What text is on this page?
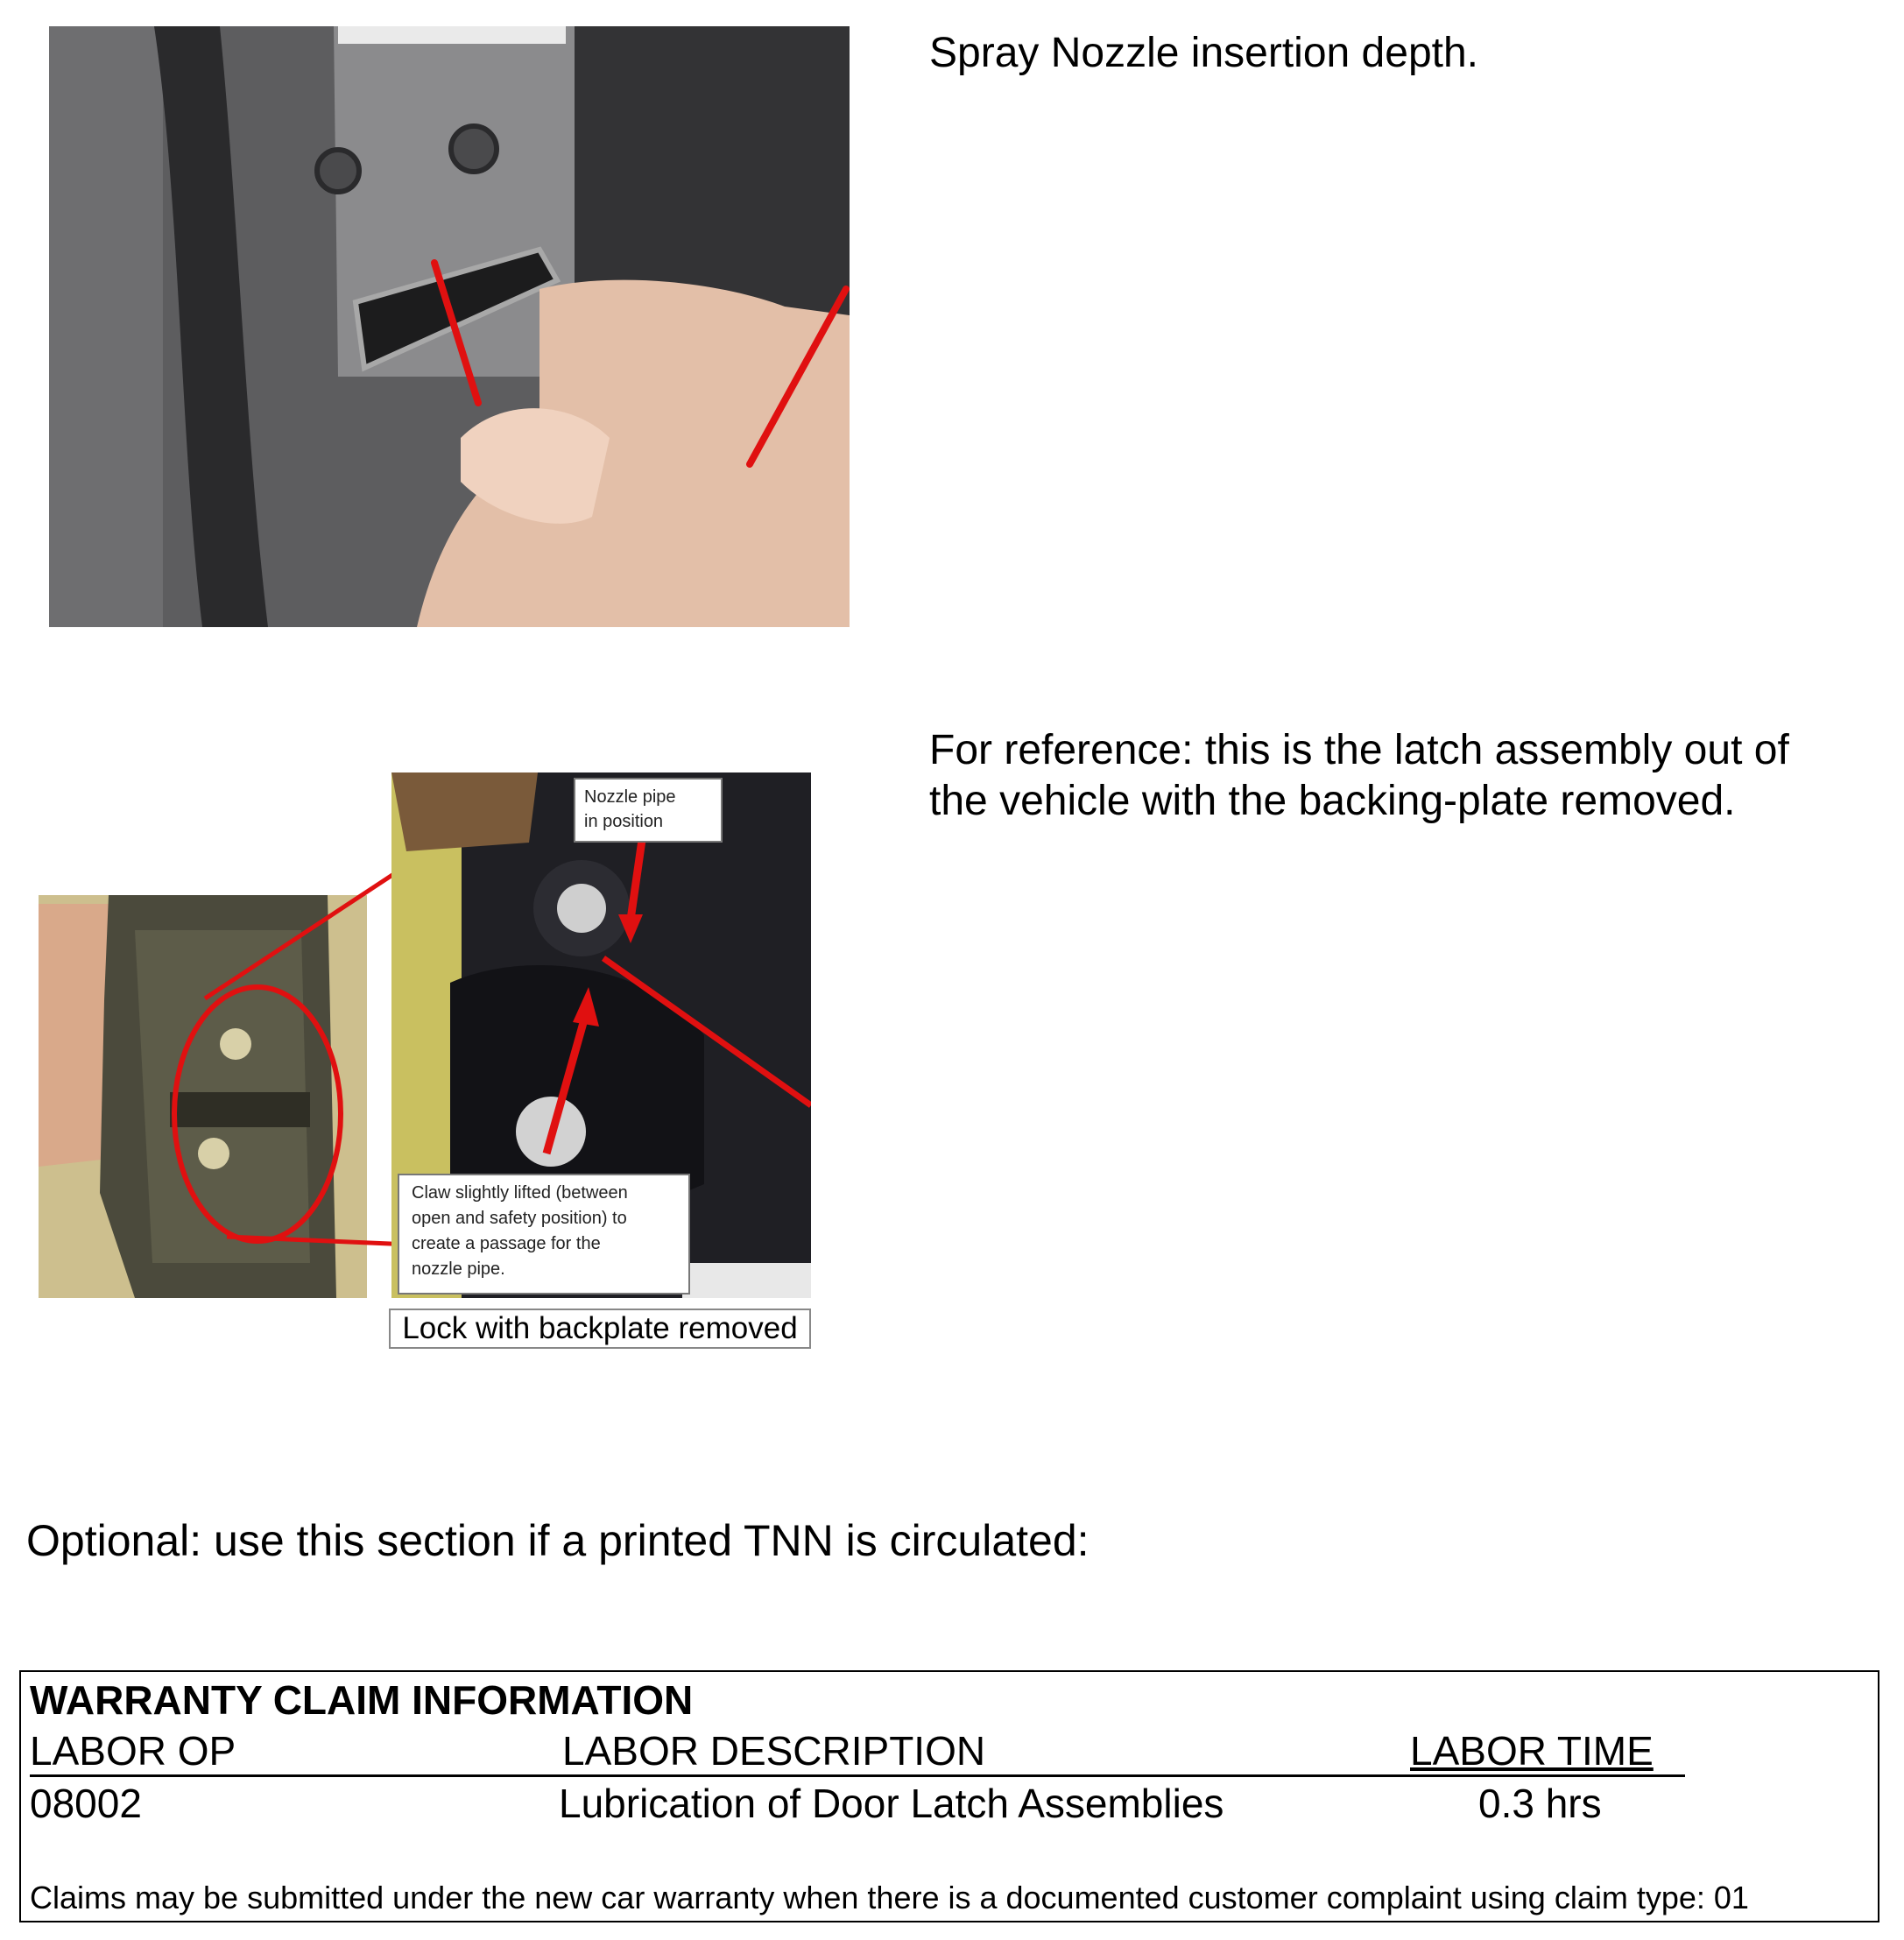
Spray Nozzle insertion depth.
Nozzle pipe
in position
Claw slightly lifted (between
open and safety position) to
create a passage for the
nozzle pipe.
Lock with backplate removed
For reference: this is the latch assembly out of the vehicle with the backing-plate removed.
Optional: use this section if a printed TNN is circulated:
WARRANTY CLAIM INFORMATION
LABOR OP	LABOR DESCRIPTION	LABOR TIME
08002	Lubrication of Door Latch Assemblies	0.3 hrs
Claims may be submitted under the new car warranty when there is a documented customer complaint using claim type: 01
